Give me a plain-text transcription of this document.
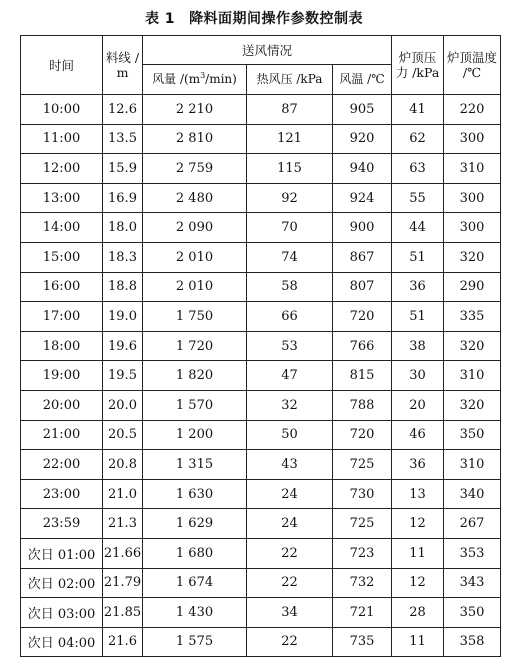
表 1 降料面期间操作参数控制表
时间	料线 /m	送风情况			炉顶压力 /kPa	炉顶温度 /℃
		风量 $/(m^3/\min)$	热风压 /kPa	风温 /℃		
10:00	12.6	2 210	87	905	41	220
11:00	13.5	2 810	121	920	62	300
12:00	15.9	2 759	115	940	63	310
13:00	16.9	2 480	92	924	55	300
14:00	18.0	2 090	70	900	44	300
15:00	18.3	2 010	74	867	51	320
16:00	18.8	2 010	58	807	36	290
17:00	19.0	1 750	66	720	51	335
18:00	19.6	1 720	53	766	38	320
19:00	19.5	1 820	47	815	30	310
20:00	20.0	1 570	32	788	20	320
21:00	20.5	1 200	50	720	46	350
22:00	20.8	1 315	43	725	36	310
23:00	21.0	1 630	24	730	13	340
23:59	21.3	1 629	24	725	12	267
次日 01:00	21.66	1 680	22	723	11	353
次日 02:00	21.79	1 674	22	732	12	343
次日 03:00	21.85	1 430	34	721	28	350
次日 04:00	21.6	1 575	22	735	11	358
